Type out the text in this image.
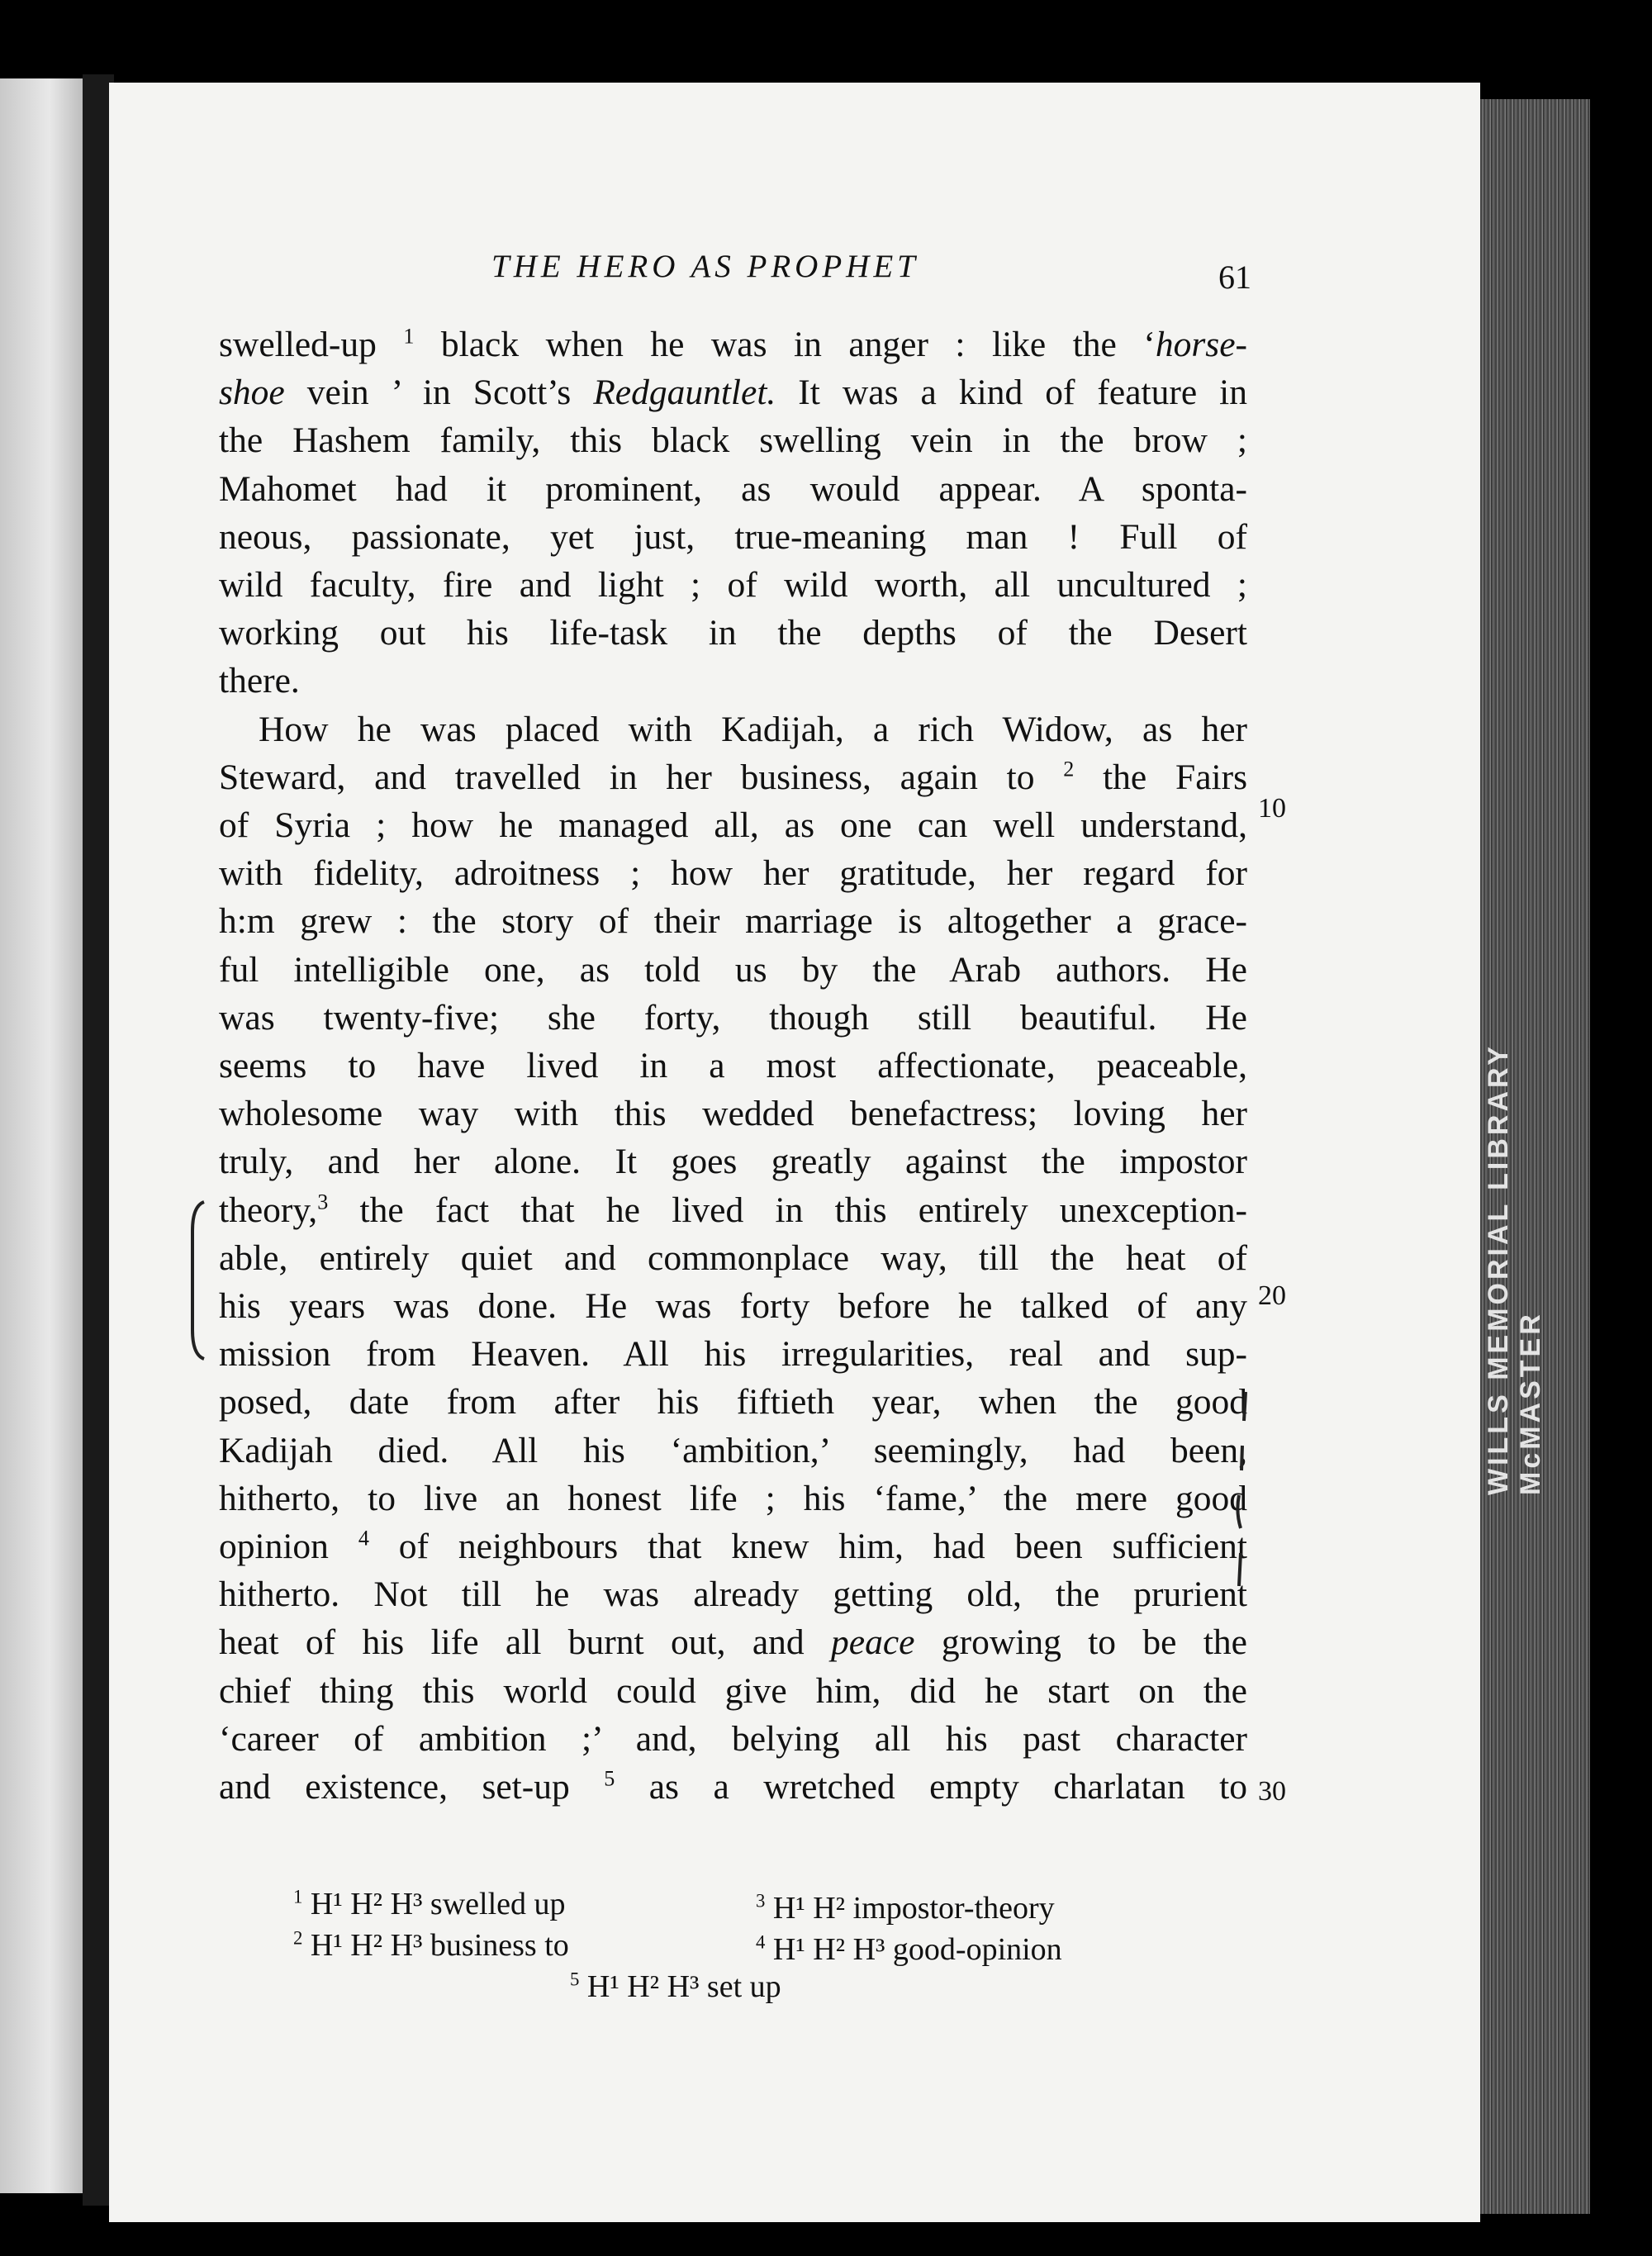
WILLS MEMORIAL LIBRARY McMASTER
THE HERO AS PROPHET	61
swelled-up $^1$ black when he was in anger : like the ‘horse-
shoe vein ’ in Scott’s Redgauntlet. It was a kind of feature in
the Hashem family, this black swelling vein in the brow ;
Mahomet had it prominent, as would appear. A sponta-
neous, passionate, yet just, true-meaning man ! Full of
wild faculty, fire and light ; of wild worth, all uncultured ;
working out his life-task in the depths of the Desert
there.
How he was placed with Kadijah, a rich Widow, as her
Steward, and travelled in her business, again to $^2$ the Fairs
of Syria ; how he managed all, as one can well understand,
with fidelity, adroitness ; how her gratitude, her regard for
h:m grew : the story of their marriage is altogether a grace-
ful intelligible one, as told us by the Arab authors. He
was twenty-five; she forty, though still beautiful. He
seems to have lived in a most affectionate, peaceable,
wholesome way with this wedded benefactress; loving her
truly, and her alone. It goes greatly against the impostor
theory,$^3$ the fact that he lived in this entirely unexception-
able, entirely quiet and commonplace way, till the heat of
his years was done. He was forty before he talked of any
mission from Heaven. All his irregularities, real and sup-
posed, date from after his fiftieth year, when the good
Kadijah died. All his ‘ambition,’ seemingly, had been,
hitherto, to live an honest life ; his ‘fame,’ the mere good
opinion $^4$ of neighbours that knew him, had been sufficient
hitherto. Not till he was already getting old, the prurient
heat of his life all burnt out, and peace growing to be the
chief thing this world could give him, did he start on the
‘career of ambition ;’ and, belying all his past character
and existence, set-up $^5$ as a wretched empty charlatan to
10
20
30
$^1$ H¹ H² H³ swelled up	$^3$ H¹ H² impostor-theory
$^2$ H¹ H² H³ business to	$^4$ H¹ H² H³ good-opinion
$^5$ H¹ H² H³ set up
